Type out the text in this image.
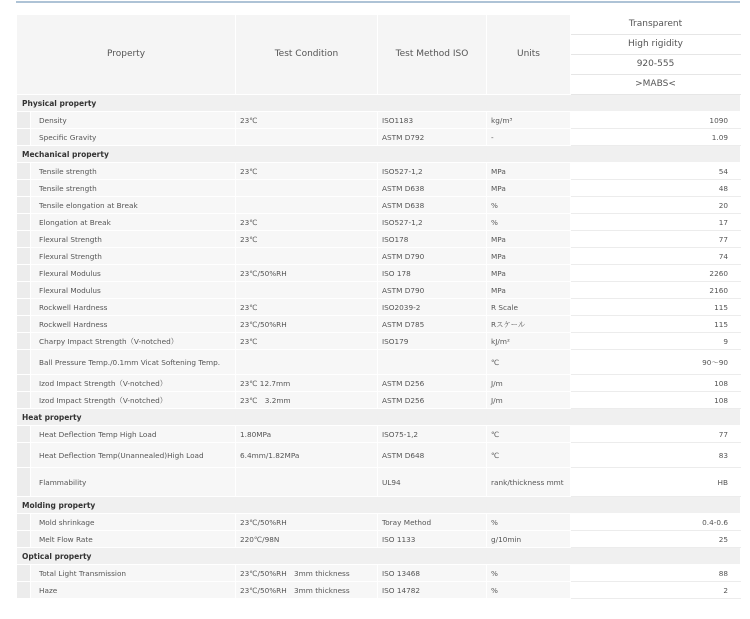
Property		Test Condition	Test Method ISO	Units	Transparent
					High rigidity
					920-555
					>MABS<
Physical property					
	Density	23℃	ISO1183	kg/m³	1090
	Specific Gravity		ASTM D792	-	1.09
Mechanical property					
	Tensile strength	23℃	ISO527-1,2	MPa	54
	Tensile strength		ASTM D638	MPa	48
	Tensile elongation at Break		ASTM D638	%	20
	Elongation at Break	23℃	ISO527-1,2	%	17
	Flexural Strength	23℃	ISO178	MPa	77
	Flexural Strength		ASTM D790	MPa	74
	Flexural Modulus	23℃/50%RH	ISO 178	MPa	2260
	Flexural Modulus		ASTM D790	MPa	2160
	Rockwell Hardness	23℃	ISO2039-2	R Scale	115
	Rockwell Hardness	23℃/50%RH	ASTM D785	Rスケール	115
	Charpy Impact Strength（V-notched）	23℃	ISO179	kJ/m²	9
	Ball Pressure Temp./0.1mm Vicat Softening Temp.			℃	90～90
	Izod Impact Strength（V-notched）	23℃ 12.7mm	ASTM D256	J/m	108
	Izod Impact Strength（V-notched）	23℃　3.2mm	ASTM D256	J/m	108
Heat property					
	Heat Deflection Temp High Load	1.80MPa	ISO75-1,2	℃	77
	Heat Deflection Temp(Unannealed)High Load	6.4mm/1.82MPa	ASTM D648	℃	83
	Flammability		UL94	rank/thickness mmt	HB
Molding property					
	Mold shrinkage	23℃/50%RH	Toray Method	%	0.4-0.6
	Melt Flow Rate	220℃/98N	ISO 1133	g/10min	25
Optical property					
	Total Light Transmission	23℃/50%RH　3mm thickness	ISO 13468	%	88
	Haze	23℃/50%RH　3mm thickness	ISO 14782	%	2
